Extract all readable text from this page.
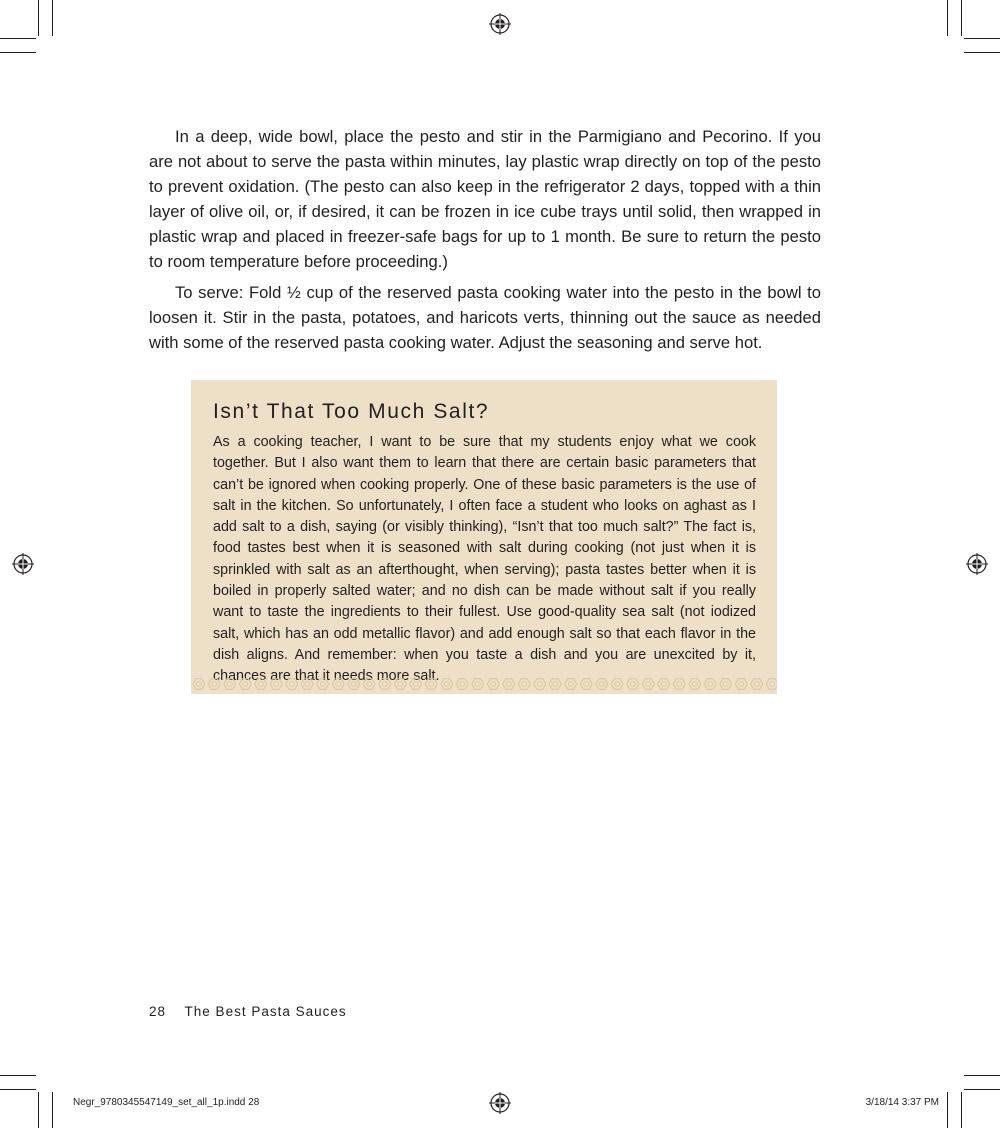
In a deep, wide bowl, place the pesto and stir in the Parmigiano and Pecorino. If you are not about to serve the pasta within minutes, lay plastic wrap directly on top of the pesto to prevent oxidation. (The pesto can also keep in the refrigerator 2 days, topped with a thin layer of olive oil, or, if desired, it can be frozen in ice cube trays until solid, then wrapped in plastic wrap and placed in freezer-safe bags for up to 1 month. Be sure to return the pesto to room temperature before proceeding.)

To serve: Fold ½ cup of the reserved pasta cooking water into the pesto in the bowl to loosen it. Stir in the pasta, potatoes, and haricots verts, thinning out the sauce as needed with some of the reserved pasta cooking water. Adjust the seasoning and serve hot.

Isn’t That Too Much Salt?

As a cooking teacher, I want to be sure that my students enjoy what we cook together. But I also want them to learn that there are certain basic parameters that can’t be ignored when cooking properly. One of these basic parameters is the use of salt in the kitchen. So unfortunately, I often face a student who looks on aghast as I add salt to a dish, saying (or visibly thinking), “Isn’t that too much salt?” The fact is, food tastes best when it is seasoned with salt during cooking (not just when it is sprinkled with salt as an afterthought, when serving); pasta tastes better when it is boiled in properly salted water; and no dish can be made without salt if you really want to taste the ingredients to their fullest. Use good-quality sea salt (not iodized salt, which has an odd metallic flavor) and add enough salt so that each flavor in the dish aligns. And remember: when you taste a dish and you are unexcited by it, chances are that it needs more salt.

28 The Best Pasta Sauces
Negr_9780345547149_set_all_1p.indd 28	3/18/14 3:37 PM
